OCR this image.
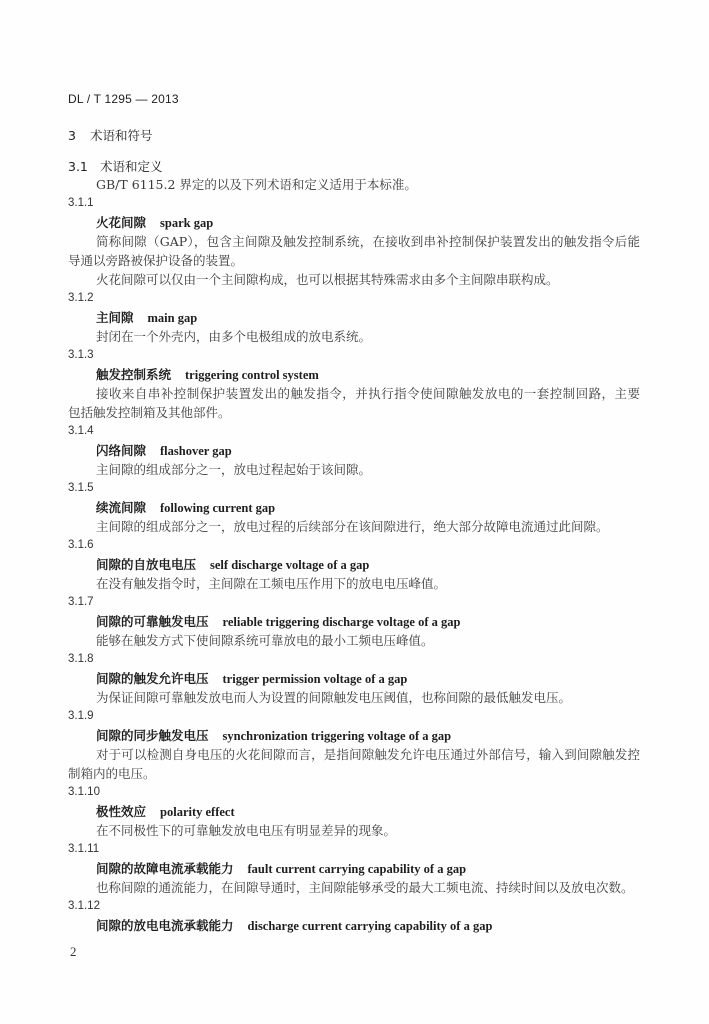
DL / T 1295 — 2013
3 术语和符号
3.1 术语和定义
GB/T 6115.2 界定的以及下列术语和定义适用于本标准。
3.1.1
火花间隙 spark gap
简称间隙（GAP），包含主间隙及触发控制系统，在接收到串补控制保护装置发出的触发指令后能
导通以旁路被保护设备的装置。
火花间隙可以仅由一个主间隙构成，也可以根据其特殊需求由多个主间隙串联构成。
3.1.2
主间隙 main gap
封闭在一个外壳内，由多个电极组成的放电系统。
3.1.3
触发控制系统 triggering control system
接收来自串补控制保护装置发出的触发指令，并执行指令使间隙触发放电的一套控制回路，主要
包括触发控制箱及其他部件。
3.1.4
闪络间隙 flashover gap
主间隙的组成部分之一，放电过程起始于该间隙。
3.1.5
续流间隙 following current gap
主间隙的组成部分之一，放电过程的后续部分在该间隙进行，绝大部分故障电流通过此间隙。
3.1.6
间隙的自放电电压 self discharge voltage of a gap
在没有触发指令时，主间隙在工频电压作用下的放电电压峰值。
3.1.7
间隙的可靠触发电压 reliable triggering discharge voltage of a gap
能够在触发方式下使间隙系统可靠放电的最小工频电压峰值。
3.1.8
间隙的触发允许电压 trigger permission voltage of a gap
为保证间隙可靠触发放电而人为设置的间隙触发电压阈值，也称间隙的最低触发电压。
3.1.9
间隙的同步触发电压 synchronization triggering voltage of a gap
对于可以检测自身电压的火花间隙而言，是指间隙触发允许电压通过外部信号，输入到间隙触发控
制箱内的电压。
3.1.10
极性效应 polarity effect
在不同极性下的可靠触发放电电压有明显差异的现象。
3.1.11
间隙的故障电流承载能力 fault current carrying capability of a gap
也称间隙的通流能力，在间隙导通时，主间隙能够承受的最大工频电流、持续时间以及放电次数。
3.1.12
间隙的放电电流承载能力 discharge current carrying capability of a gap
2
